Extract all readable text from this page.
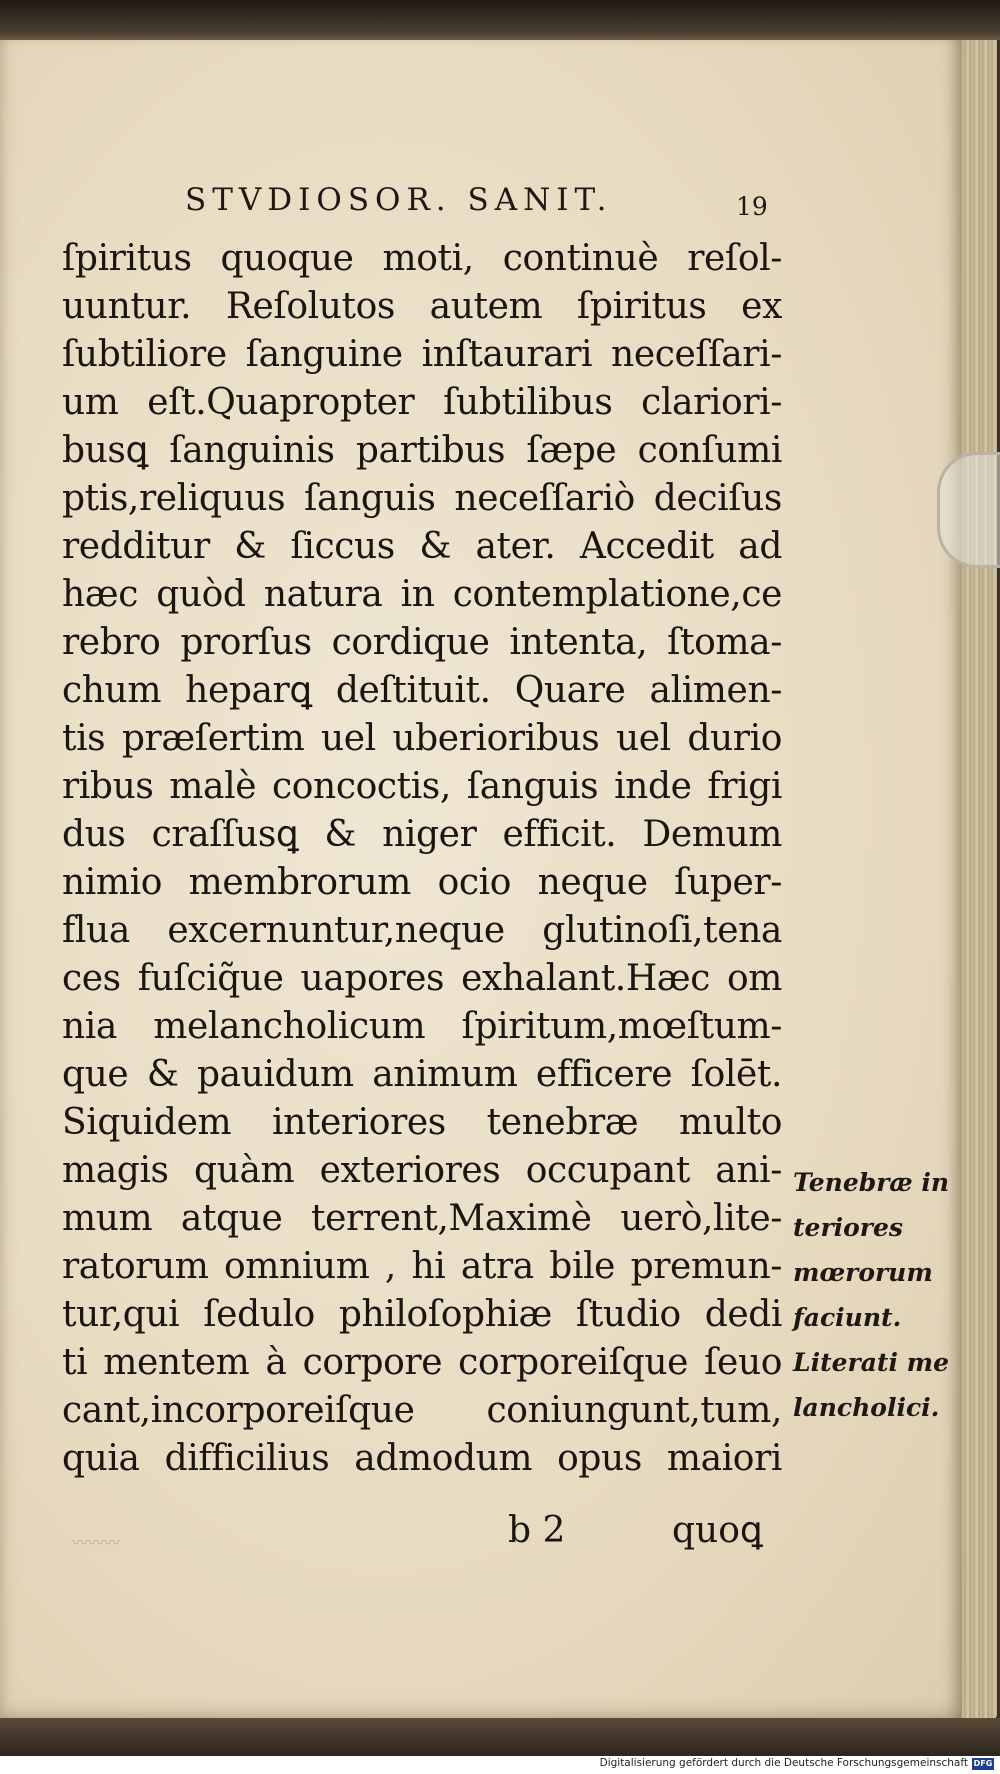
STVDIOSOR. SANIT.	19
ſpiritus quoque moti, continuè reſol-
uuntur. Reſolutos autem ſpiritus ex
ſubtiliore ſanguine inſtaurari neceſſari-
um eſt.Quapropter ſubtilibus clariori-
busꝗ ſanguinis partibus ſæpe conſumi
ptis,reliquus ſanguis neceſſariò deciſus
redditur & ſiccus & ater. Accedit ad
hæc quòd natura in contemplatione,ce
rebro prorſus cordique intenta, ſtoma-
chum heparꝗ deſtituit. Quare alimen-
tis præſertim uel uberioribus uel durio
ribus malè concoctis, ſanguis inde frigi
dus craſſusꝗ & niger efficit. Demum
nimio membrorum ocio neque ſuper-
flua excernuntur,neque glutinoſi,tena
ces fuſciq̃ue uapores exhalant.Hæc om
nia melancholicum ſpiritum,mœſtum-
que & pauidum animum efficere ſolēt.
Siquidem interiores tenebræ multo
magis quàm exteriores occupant ani-
mum atque terrent,Maximè uerò,lite-
ratorum omnium , hi atra bile premun-
tur,qui ſedulo philoſophiæ ſtudio dedi
ti mentem à corpore corporeiſque ſeuo
cant,incorporeiſque coniungunt,tum,
quia difficilius admodum opus maiori
Tenebræ in
teriores
mœrorum
faciunt.
Literati me
lancholici.
b 2	quoꝗ
〰〰〰
Digitalisierung gefördert durch die Deutsche Forschungsgemeinschaft DFG
